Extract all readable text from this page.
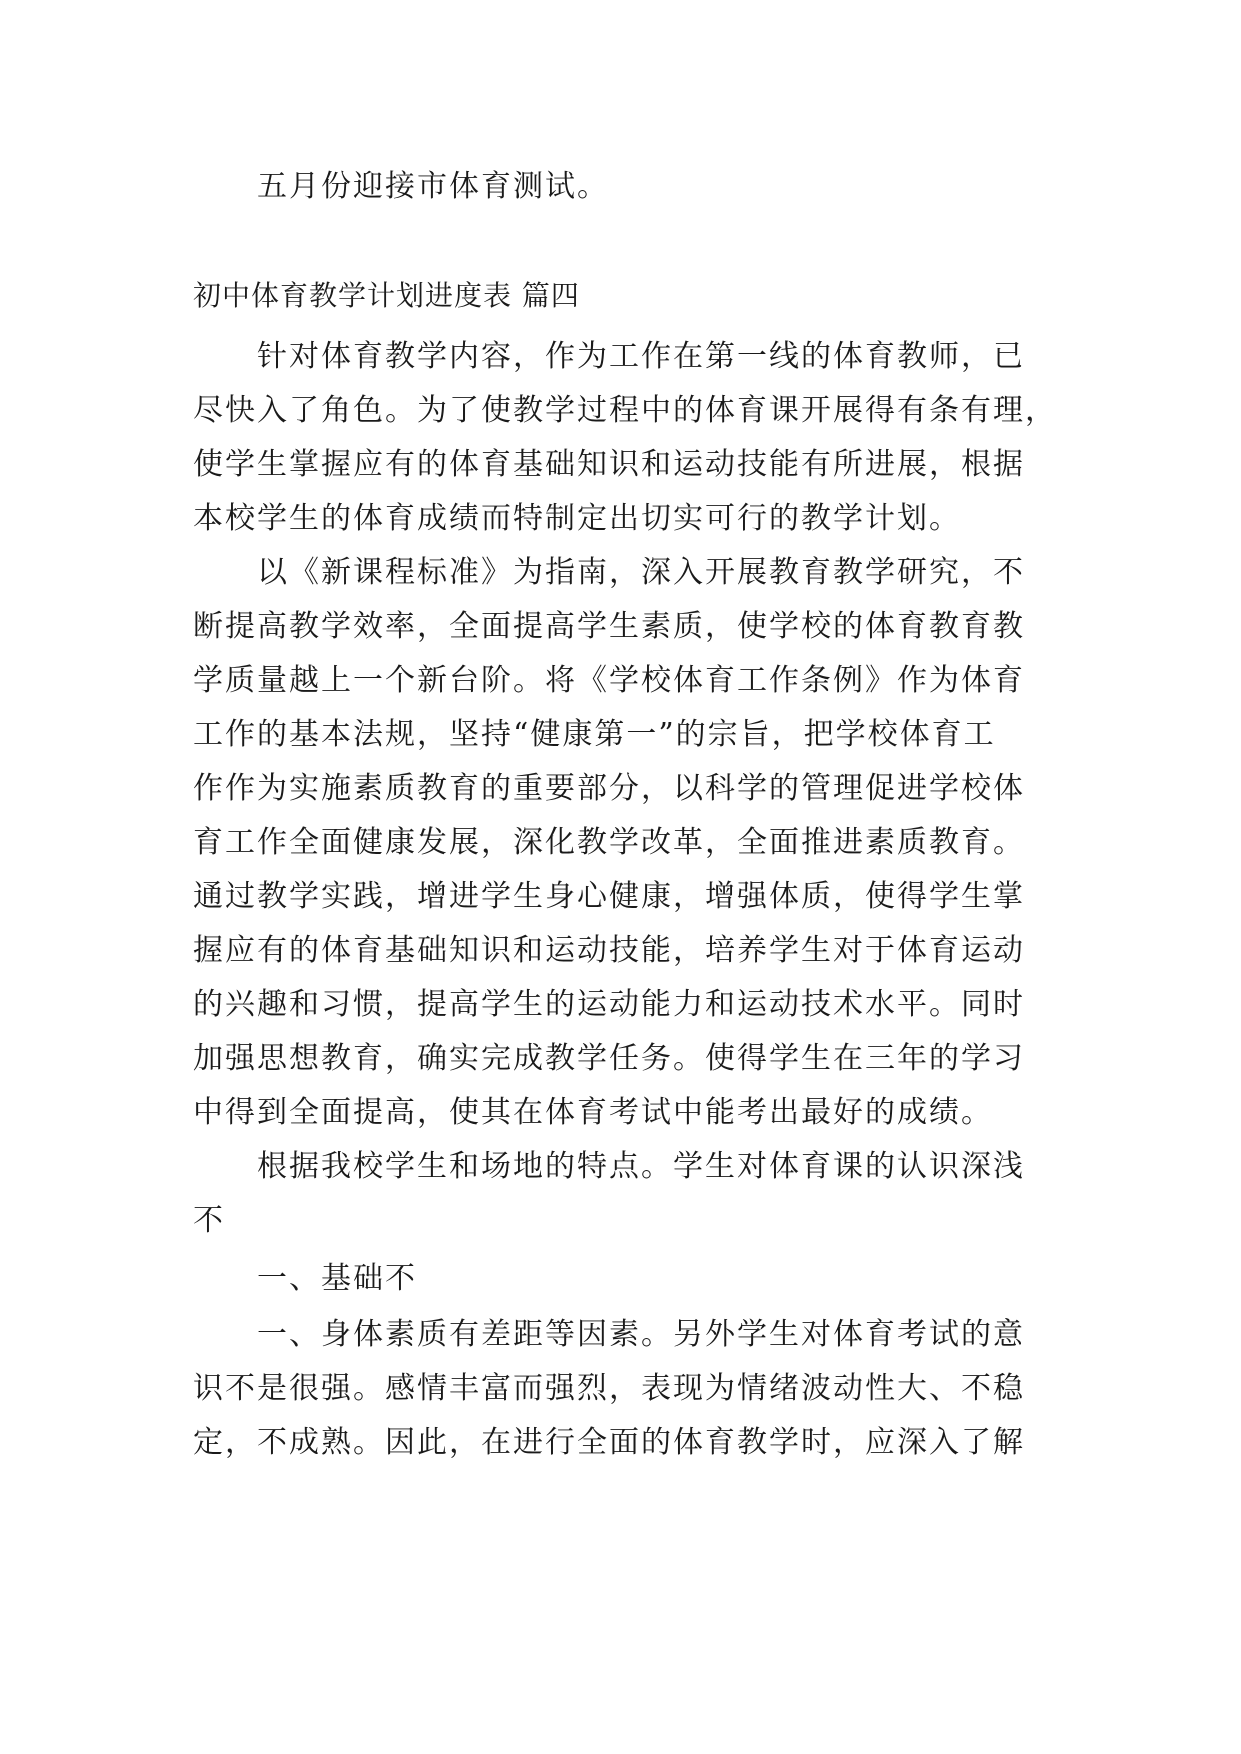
五月份迎接市体育测试。
初中体育教学计划进度表 篇四
针对体育教学内容，作为工作在第一线的体育教师，已
尽快入了角色。为了使教学过程中的体育课开展得有条有理，
使学生掌握应有的体育基础知识和运动技能有所进展，根据
本校学生的体育成绩而特制定出切实可行的教学计划。
以《新课程标准》为指南，深入开展教育教学研究，不
断提高教学效率，全面提高学生素质，使学校的体育教育教
学质量越上一个新台阶。将《学校体育工作条例》作为体育
工作的基本法规，坚持“健康第一”的宗旨，把学校体育工
作作为实施素质教育的重要部分，以科学的管理促进学校体
育工作全面健康发展，深化教学改革，全面推进素质教育。
通过教学实践，增进学生身心健康，增强体质，使得学生掌
握应有的体育基础知识和运动技能，培养学生对于体育运动
的兴趣和习惯，提高学生的运动能力和运动技术水平。同时
加强思想教育，确实完成教学任务。使得学生在三年的学习
中得到全面提高，使其在体育考试中能考出最好的成绩。
根据我校学生和场地的特点。学生对体育课的认识深浅
不
一、基础不
一、身体素质有差距等因素。另外学生对体育考试的意
识不是很强。感情丰富而强烈，表现为情绪波动性大、不稳
定，不成熟。因此，在进行全面的体育教学时，应深入了解
